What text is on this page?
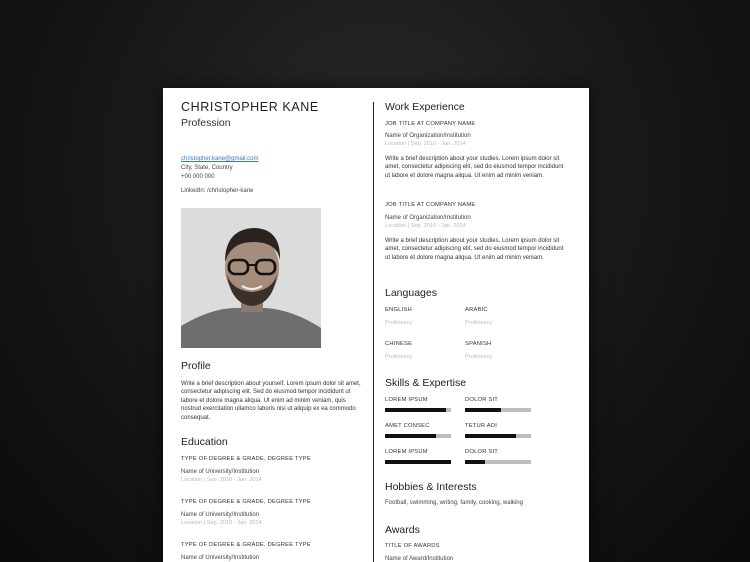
CHRISTOPHER KANE
Profession
christopher.kane@gmail.com
City, State, Country
+00 000 000
LinkedIn: /christopher-kane
Profile
Write a brief description about yourself. Lorem ipsum dolor sit amet, consectetur adipiscing elit. Sed do eiusmod tempor incididunt ut labore et dolore magna aliqua. Ut enim ad minim veniam, quis nostrud exercitation ullamco laboris nisi ut aliquip ex ea commodo consequat.
Education
TYPE OF DEGREE & GRADE, DEGREE TYPE
Name of University/Institution
Location | Sep. 2010 - Jan. 2014
TYPE OF DEGREE & GRADE, DEGREE TYPE
Name of University/Institution
Location | Sep. 2010 - Jan. 2014
TYPE OF DEGREE & GRADE, DEGREE TYPE
Name of University/Institution
Work Experience
JOB TITLE AT COMPANY NAME
Name of Organization/Institution
Location | Sep. 2010 - Jan. 2014
Write a brief description about your studies. Lorem ipsum dolor sit amet, consectetur adipiscing elit, sed do eiusmod tempor incididunt ut labore et dolore magna aliqua. Ut enim ad minim veniam.
JOB TITLE AT COMPANY NAME
Name of Organization/Institution
Location | Sep. 2010 - Jan. 2014
Write a brief description about your studies. Lorem ipsum dolor sit amet, consectetur adipiscing elit, sed do eiusmod tempor incididunt ut labore et dolore magna aliqua. Ut enim ad minim veniam.
Languages
ENGLISH
Proficiency
ARABIC
Proficiency
CHINESE
Proficiency
SPANISH
Proficiency
Skills & Expertise
LOREM IPSUM	DOLOR SIT
AMET CONSEC	TETUR ADI
LOREM IPSUM	DOLOR SIT
Hobbies & Interests
Football, swimming, writing, family, cooking, walking
Awards
TITLE OF AWARDS
Name of Award/Institution
